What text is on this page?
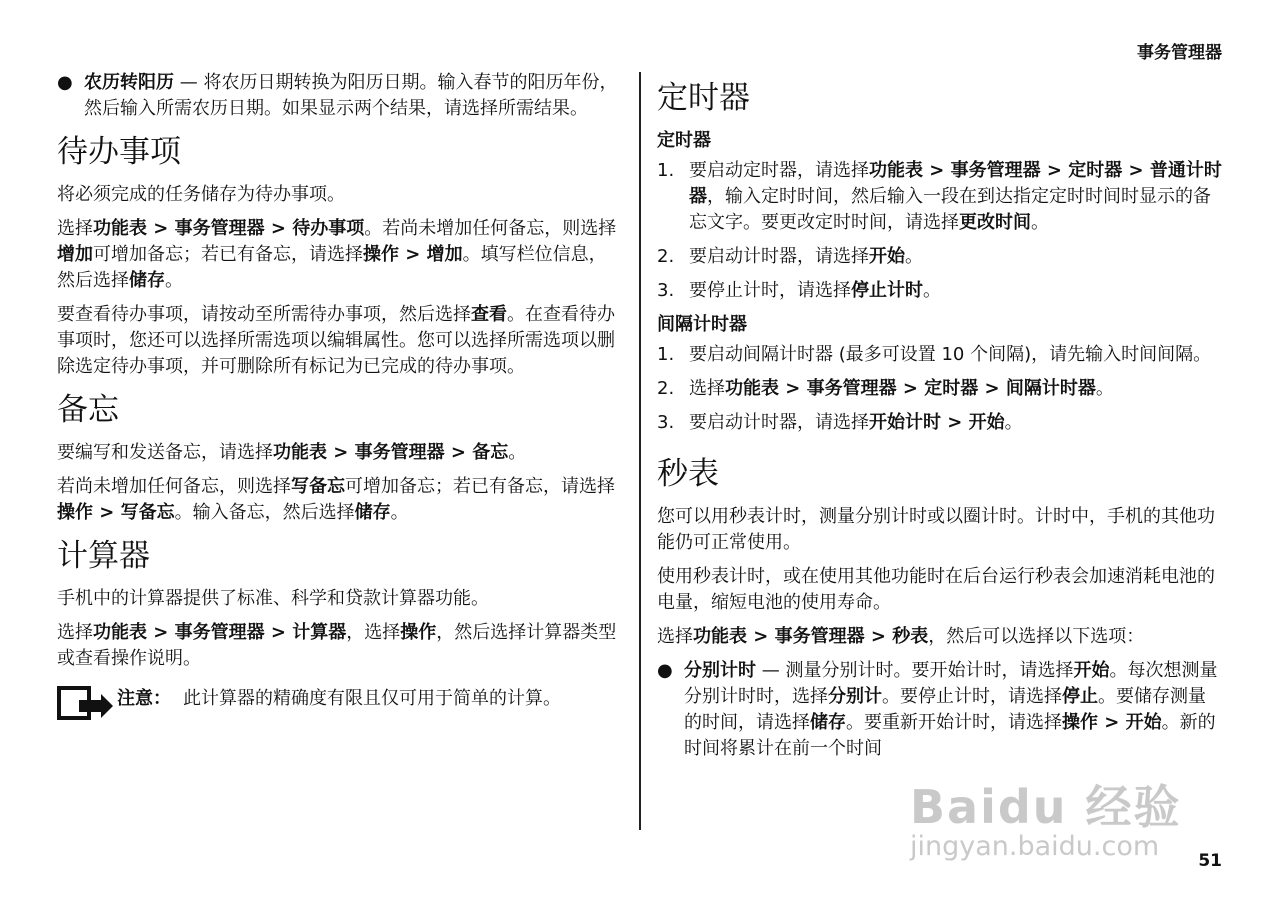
事务管理器
● 农历转阳历 — 将农历日期转换为阳历日期。输入春节的阳历年份，然后输入所需农历日期。如果显示两个结果，请选择所需结果。
待办事项

将必须完成的任务储存为待办事项。

选择功能表 > 事务管理器 > 待办事项。若尚未增加任何备忘，则选择增加可增加备忘；若已有备忘，请选择操作 > 增加。填写栏位信息，然后选择储存。

要查看待办事项，请按动至所需待办事项，然后选择查看。在查看待办事项时，您还可以选择所需选项以编辑属性。您可以选择所需选项以删除选定待办事项，并可删除所有标记为已完成的待办事项。

备忘

要编写和发送备忘，请选择功能表 > 事务管理器 > 备忘。

若尚未增加任何备忘，则选择写备忘可增加备忘；若已有备忘，请选择操作 > 写备忘。输入备忘，然后选择储存。

计算器

手机中的计算器提供了标准、科学和贷款计算器功能。

选择功能表 > 事务管理器 > 计算器，选择操作，然后选择计算器类型或查看操作说明。

注意： 此计算器的精确度有限且仅可用于简单的计算。
定时器
定时器
1. 要启动定时器，请选择功能表 > 事务管理器 > 定时器 > 普通计时器，输入定时时间，然后输入一段在到达指定定时时间时显示的备忘文字。要更改定时时间，请选择更改时间。
2. 要启动计时器，请选择开始。
3. 要停止计时，请选择停止计时。
间隔计时器
1. 要启动间隔计时器 (最多可设置 10 个间隔)，请先输入时间间隔。
2. 选择功能表 > 事务管理器 > 定时器 > 间隔计时器。
3. 要启动计时器，请选择开始计时 > 开始。
秒表

您可以用秒表计时，测量分别计时或以圈计时。计时中，手机的其他功能仍可正常使用。

使用秒表计时，或在使用其他功能时在后台运行秒表会加速消耗电池的电量，缩短电池的使用寿命。

选择功能表 > 事务管理器 > 秒表，然后可以选择以下选项：

● 分别计时 — 测量分别计时。要开始计时，请选择开始。每次想测量分别计时时，选择分别计。要停止计时，请选择停止。要储存测量的时间，请选择储存。要重新开始计时，请选择操作 > 开始。新的时间将累计在前一个时间
Baidu 经验
jingyan.baidu.com	51
